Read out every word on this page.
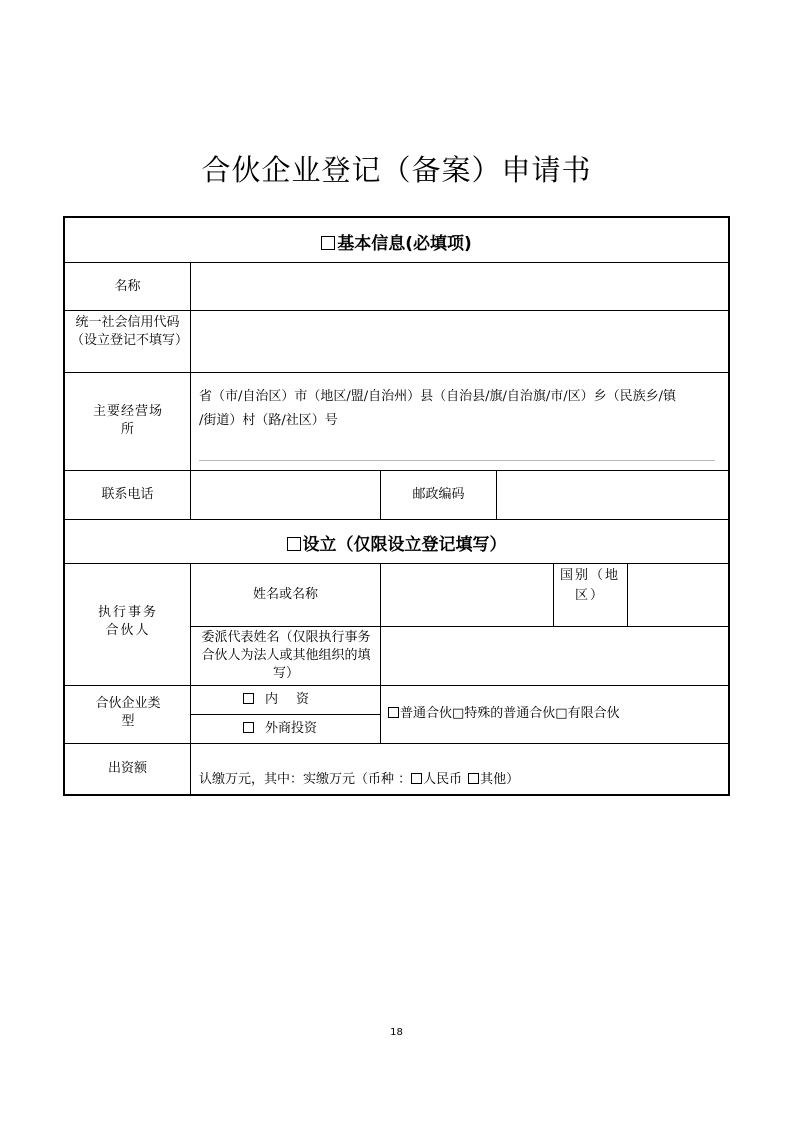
合伙企业登记（备案）申请书
基本信息(必填项)
名称
统一社会信用代码（设立登记不填写）
主要经营场所
省（市/自治区）市（地区/盟/自治州）县（自治县/旗/自治旗/市/区）乡（民族乡/镇
/街道）村（路/社区）号
联系电话	邮政编码
设立（仅限设立登记填写）
执行事务合伙人
姓名或名称
国别（地区）
委派代表姓名（仅限执行事务合伙人为法人或其他组织的填写）
合伙企业类型
内资
外商投资
普通合伙□特殊的普通合伙□有限合伙
出资额
认缴万元，其中：实缴万元（币种 ： 人民币 其他）
18
